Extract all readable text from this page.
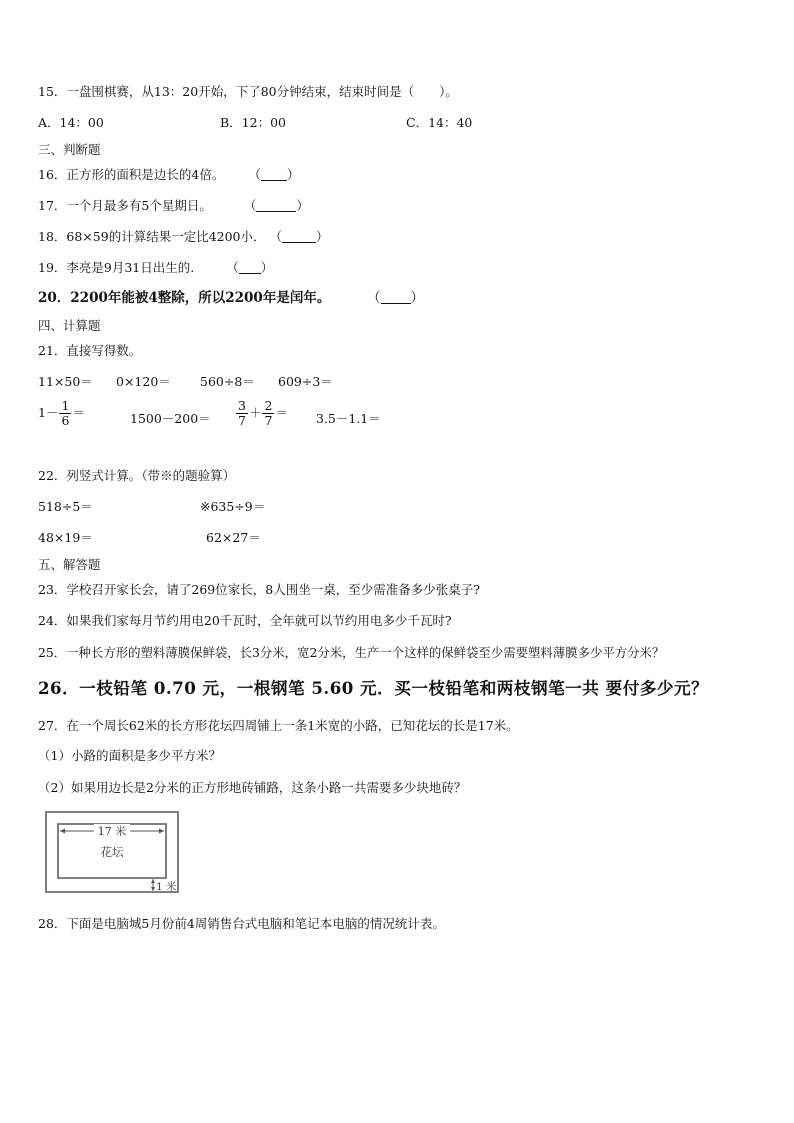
15．一盘围棋赛，从13：20开始，下了80分钟结束，结束时间是（　　）。
A．14：00	B．12：00	C．14：40
三、判断题
16．正方形的面积是边长的4倍。 （ ）
17．一个月最多有5个星期日。	（	）
18．68×59的计算结果一定比4200小． （	）
19．李亮是9月31日出生的.	（ ）
20．2200年能被4整除，所以2200年是闰年。	（ ）
四、计算题
21．直接写得数。
11×50＝ 0×120＝ 560÷8＝ 609÷3＝
$1- \frac{1}{6}$ ＝	$1500-200= \frac{3}{7} + \frac{2}{7} = 3.5-1.1=$
22．列竖式计算。（带※的题验算）
518÷5＝	※635÷9＝
48×19＝	62×27＝
五、解答题
23．学校召开家长会，请了269位家长，8人围坐一桌，至少需准备多少张桌子?
24．如果我们家每月节约用电20千瓦时，全年就可以节约用电多少千瓦时?
25．一种长方形的塑料薄膜保鲜袋，长3分米，宽2分米，生产一个这样的保鲜袋至少需要塑料薄膜多少平方分米？
26．一枝铅笔 0.70 元，一根钢笔 5.60 元．买一枝铅笔和两枝钢笔一共 要付多少元？
27．在一个周长62米的长方形花坛四周铺上一条1米宽的小路，已知花坛的长是17米。
（1）小路的面积是多少平方米？
（2）如果用边长是2分米的正方形地砖铺路，这条小路一共需要多少块地砖？
17 米
花坛
1 米
28．下面是电脑城5月份前4周销售台式电脑和笔记本电脑的情况统计表。
